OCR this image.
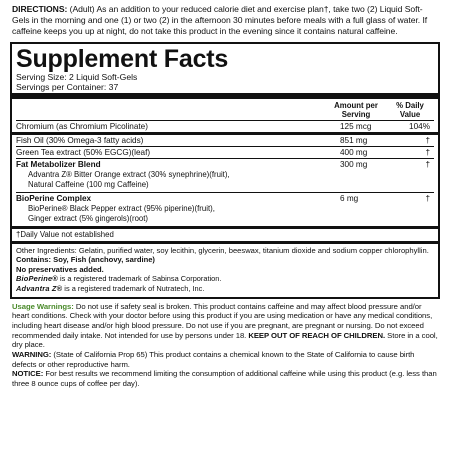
DIRECTIONS: (Adult) As an addition to your reduced calorie diet and exercise plan†, take two (2) Liquid Soft-Gels in the morning and one (1) or two (2) in the afternoon 30 minutes before meals with a full glass of water. If caffeine keeps you up at night, do not take this product in the evening since it contains natural caffeine.
Supplement Facts
Serving Size: 2 Liquid Soft-Gels
Servings per Container: 37
Amount per Serving
% Daily Value
Chromium (as Chromium Picolinate)	125 mcg	104%
Fish Oil (30% Omega-3 fatty acids)	851 mg	†
Green Tea extract (50% EGCG)(leaf)	400 mg	†
Fat Metabolizer Blend	300 mg	†
Advantra Z® Bitter Orange extract (30% synephrine)(fruit),
Natural Caffeine (100 mg Caffeine)
BioPerine Complex	6 mg	†
BioPerine® Black Pepper extract (95% piperine)(fruit),
Ginger extract (5% gingerols)(root)
†Daily Value not established
Other Ingredients: Gelatin, purified water, soy lecithin, glycerin, beeswax, titanium dioxide and sodium copper chlorophyllin.
Contains: Soy, Fish (anchovy, sardine)
No preservatives added.
BioPerine® is a registered trademark of Sabinsa Corporation.
Advantra Z® is a registered trademark of Nutratech, Inc.
Usage Warnings: Do not use if safety seal is broken. This product contains caffeine and may affect blood pressure and/or heart conditions. Check with your doctor before using this product if you are using medication or have any medical conditions, including heart disease and/or high blood pressure. Do not use if you are pregnant, are pregnant or nursing. Do not exceed recommended daily intake. Not intended for use by persons under 18. KEEP OUT OF REACH OF CHILDREN. Store in a cool, dry place.
WARNING: (State of California Prop 65) This product contains a chemical known to the State of California to cause birth defects or other reproductive harm.
NOTICE: For best results we recommend limiting the consumption of additional caffeine while using this product (e.g. less than three 8 ounce cups of coffee per day).
